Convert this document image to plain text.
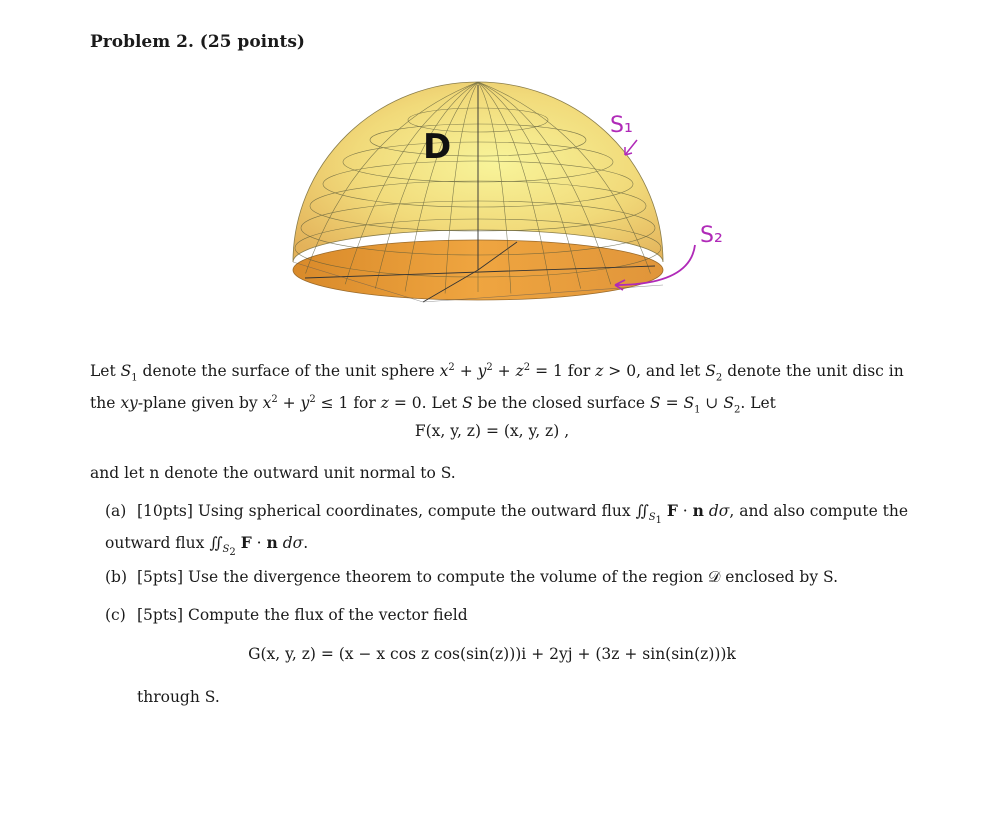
Problem 2. (25 points)
D
S₁
S₂
Let $S_1$ denote the surface of the unit sphere $x^2 + y^2 + z^2 = 1$ for z > 0, and let $S_2$ denote the unit disc in the xy-plane given by $x^2 + y^2 \le 1$ for z = 0. Let S be the closed surface $S = S_1$ ∪ $S_2$. Let
F(x, y, z) = (x, y, z) ,
and let n denote the outward unit normal to S.
(a) [10pts] Using spherical coordinates, compute the outward flux $∬_{S_1}$ F · n dσ, and also compute the outward flux $∬_{S_2}$ F · n dσ.
(b) [5pts] Use the divergence theorem to compute the volume of the region 𝒟 enclosed by S.
(c) [5pts] Compute the flux of the vector field
G(x, y, z) = (x − x cos z cos(sin(z)))i + 2yj + (3z + sin(sin(z)))k
through S.
